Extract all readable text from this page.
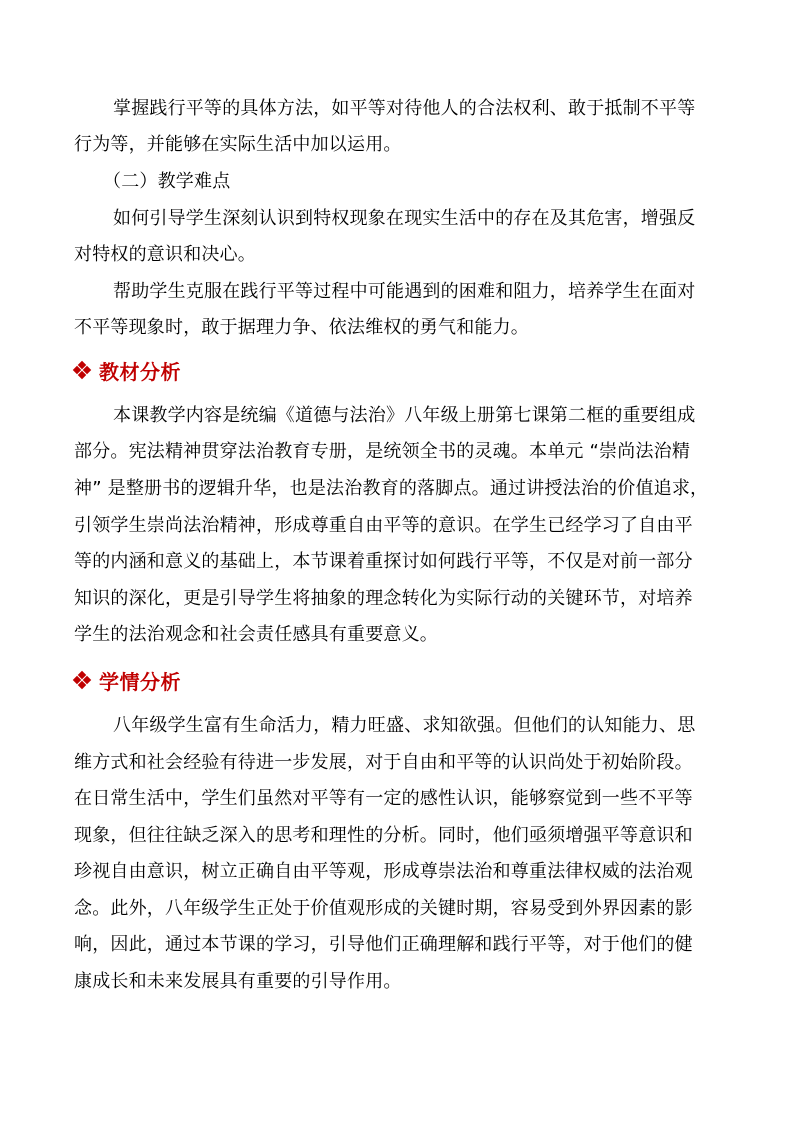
掌握践行平等的具体方法，如平等对待他人的合法权利、敢于抵制不平等
行为等，并能够在实际生活中加以运用。
（二）教学难点
如何引导学生深刻认识到特权现象在现实生活中的存在及其危害，增强反
对特权的意识和决心。
帮助学生克服在践行平等过程中可能遇到的困难和阻力，培养学生在面对
不平等现象时，敢于据理力争、依法维权的勇气和能力。
教材分析
本课教学内容是统编《道德与法治》八年级上册第七课第二框的重要组成
部分。宪法精神贯穿法治教育专册，是统领全书的灵魂。本单元 “崇尚法治精
神” 是整册书的逻辑升华，也是法治教育的落脚点。通过讲授法治的价值追求，
引领学生崇尚法治精神，形成尊重自由平等的意识。在学生已经学习了自由平
等的内涵和意义的基础上，本节课着重探讨如何践行平等，不仅是对前一部分
知识的深化，更是引导学生将抽象的理念转化为实际行动的关键环节，对培养
学生的法治观念和社会责任感具有重要意义。
学情分析
八年级学生富有生命活力，精力旺盛、求知欲强。但他们的认知能力、思
维方式和社会经验有待进一步发展，对于自由和平等的认识尚处于初始阶段。
在日常生活中，学生们虽然对平等有一定的感性认识，能够察觉到一些不平等
现象，但往往缺乏深入的思考和理性的分析。同时，他们亟须增强平等意识和
珍视自由意识，树立正确自由平等观，形成尊崇法治和尊重法律权威的法治观
念。此外，八年级学生正处于价值观形成的关键时期，容易受到外界因素的影
响，因此，通过本节课的学习，引导他们正确理解和践行平等，对于他们的健
康成长和未来发展具有重要的引导作用。
